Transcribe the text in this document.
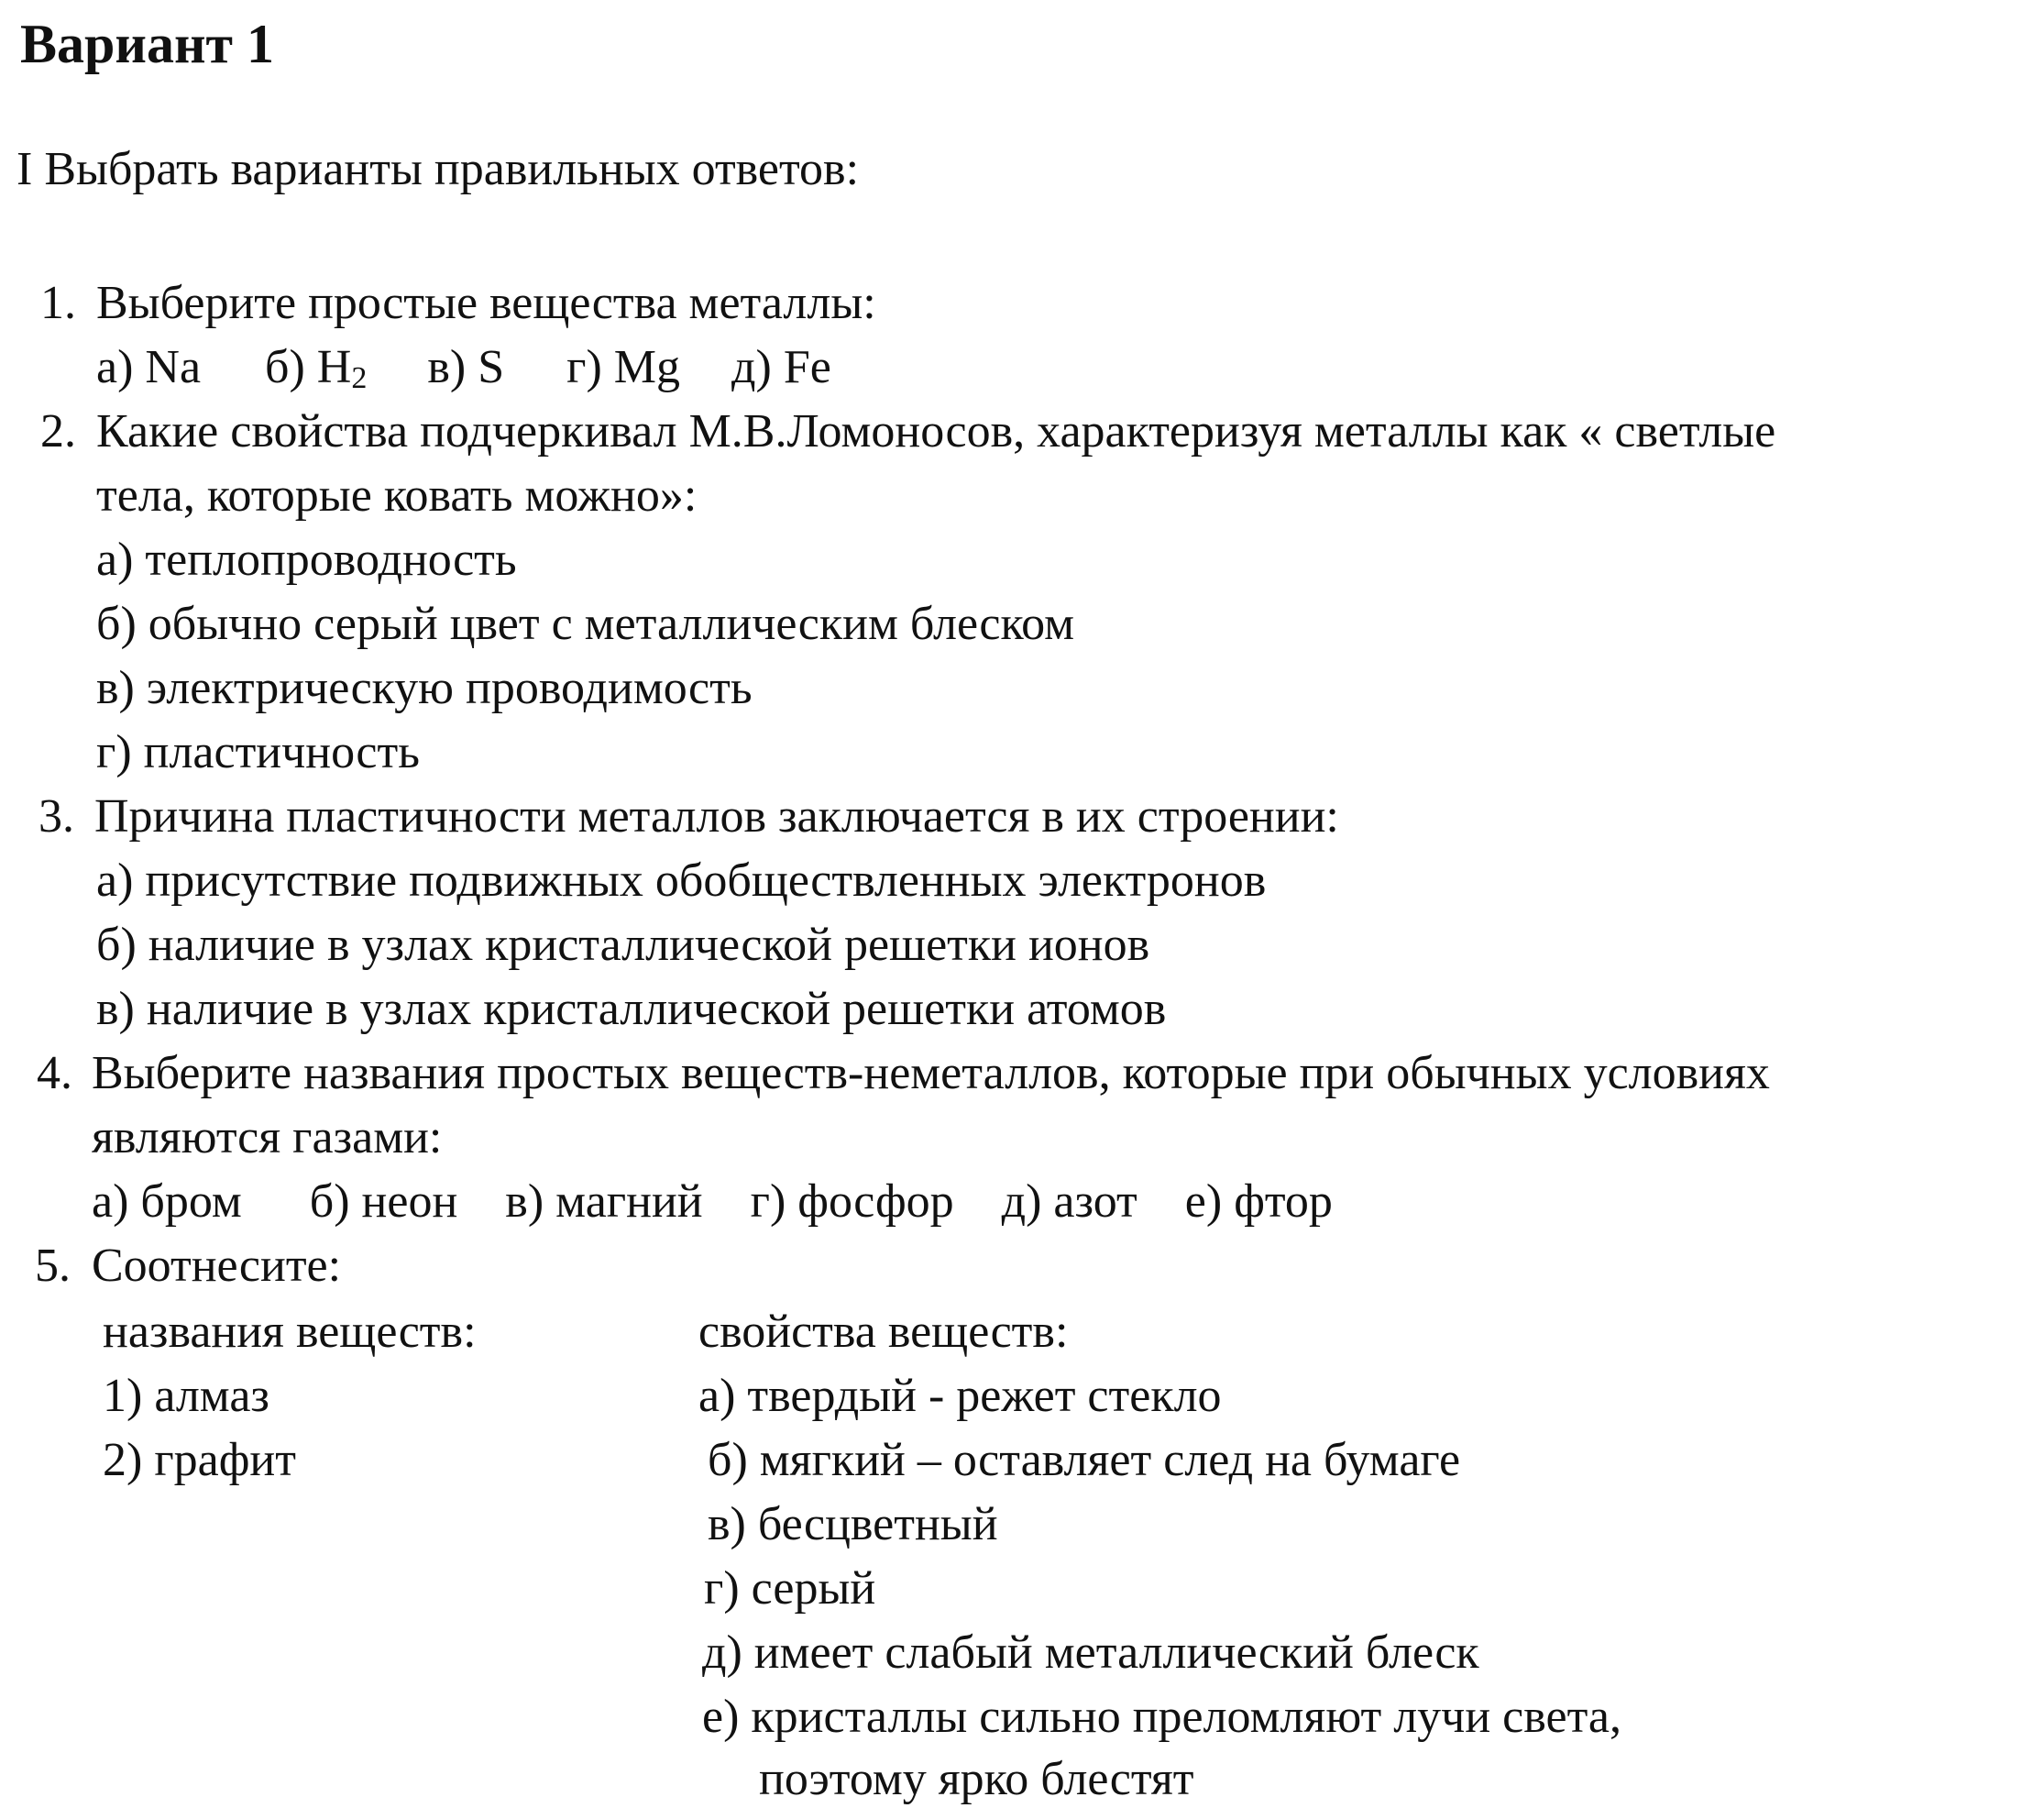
Вариант 1
I Выбрать варианты правильных ответов:
1. Выберите простые вещества металлы:
а) Na б) $H_2$ в) S г) Mg д) Fe
2. Какие свойства подчеркивал М.В.Ломоносов, характеризуя металлы как « светлые
тела, которые ковать можно»:
а) теплопроводность
б) обычно серый цвет с металлическим блеском
в) электрическую проводимость
г) пластичность
3. Причина пластичности металлов заключается в их строении:
а) присутствие подвижных обобществленных электронов
б) наличие в узлах кристаллической решетки ионов
в) наличие в узлах кристаллической решетки атомов
4. Выберите названия простых веществ-неметаллов, которые при обычных условиях
являются газами:
а) бром б) неон в) магний г) фосфор д) азот е) фтор
5. Соотнесите:
названия веществ:
1) алмаз
2) графит
свойства веществ:
а) твердый - режет стекло
б) мягкий – оставляет след на бумаге
в) бесцветный
г) серый
д) имеет слабый металлический блеск
е) кристаллы сильно преломляют лучи света,
поэтому ярко блестят
